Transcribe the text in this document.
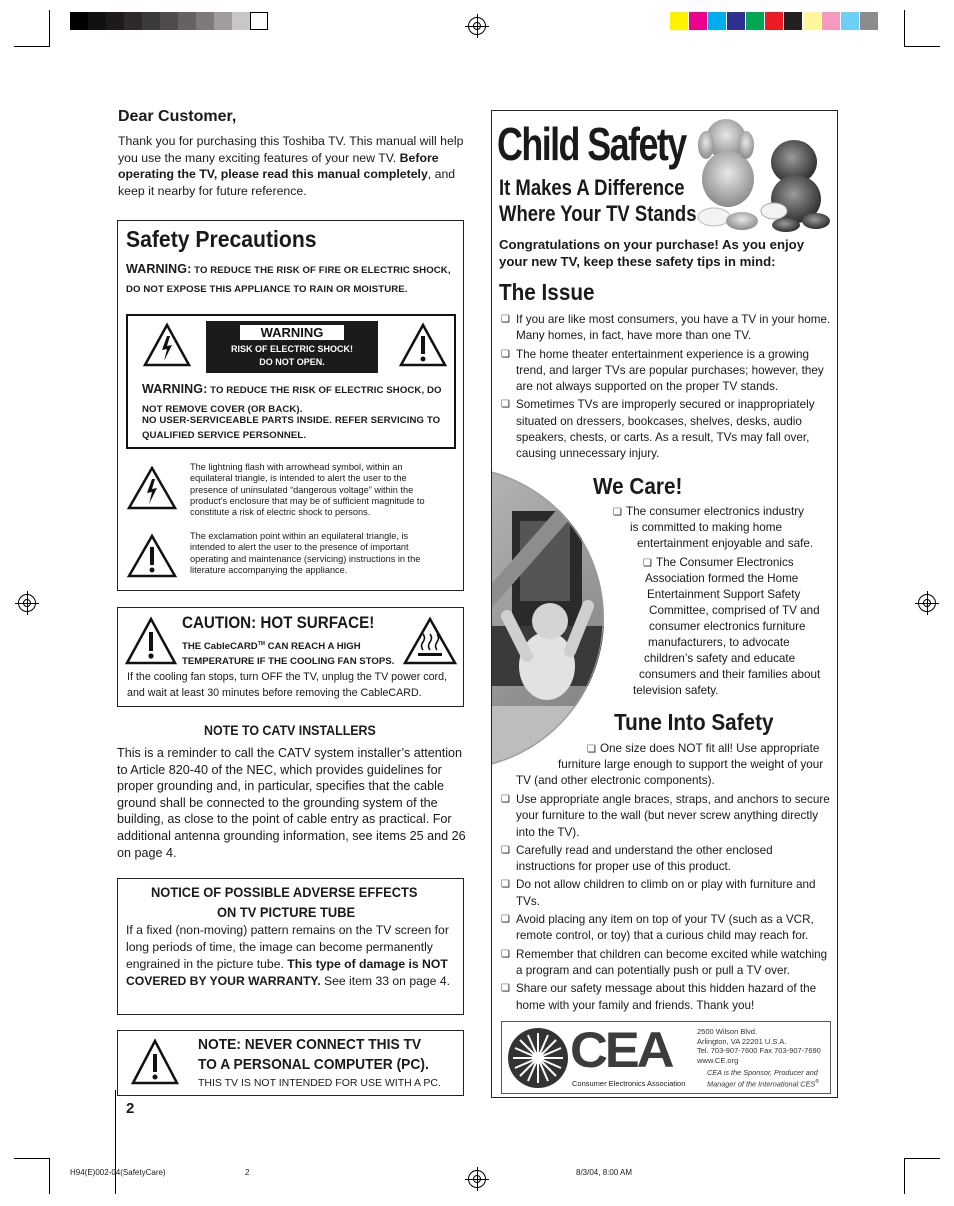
Dear Customer,
Thank you for purchasing this Toshiba TV. This manual will help you use the many exciting features of your new TV. Before operating the TV, please read this manual completely, and keep it nearby for future reference.
Safety Precautions
WARNING: TO REDUCE THE RISK OF FIRE OR ELECTRIC SHOCK, DO NOT EXPOSE THIS APPLIANCE TO RAIN OR MOISTURE.
WARNING
RISK OF ELECTRIC SHOCK!
DO NOT OPEN.
WARNING: TO REDUCE THE RISK OF ELECTRIC SHOCK, DO NOT REMOVE COVER (OR BACK).
NO USER-SERVICEABLE PARTS INSIDE. REFER SERVICING TO QUALIFIED SERVICE PERSONNEL.
The lightning flash with arrowhead symbol, within an equilateral triangle, is intended to alert the user to the presence of uninsulated “dangerous voltage” within the product’s enclosure that may be of sufficient magnitude to constitute a risk of electric shock to persons.
The exclamation point within an equilateral triangle, is intended to alert the user to the presence of important operating and maintenance (servicing) instructions in the literature accompanying the appliance.
CAUTION: HOT SURFACE!
THE CableCARD™ CAN REACH A HIGH
TEMPERATURE IF THE COOLING FAN STOPS.
If the cooling fan stops, turn OFF the TV, unplug the TV power cord, and wait at least 30 minutes before removing the CableCARD.
NOTE TO CATV INSTALLERS
This is a reminder to call the CATV system installer’s attention to Article 820-40 of the NEC, which provides guidelines for proper grounding and, in particular, specifies that the cable ground shall be connected to the grounding system of the building, as close to the point of cable entry as practical. For additional antenna grounding information, see items 25 and 26 on page 4.
NOTICE OF POSSIBLE ADVERSE EFFECTS
ON TV PICTURE TUBE
If a fixed (non-moving) pattern remains on the TV screen for long periods of time, the image can become permanently engrained in the picture tube. This type of damage is NOT COVERED BY YOUR WARRANTY. See item 33 on page 4.
NOTE: NEVER CONNECT THIS TV
TO A PERSONAL COMPUTER (PC).
THIS TV IS NOT INTENDED FOR USE WITH A PC.
2
H94(E)002-04(SafetyCare)	2	8/3/04, 8:00 AM
Child Safety
It Makes A Difference
Where Your TV Stands
Congratulations on your purchase! As you enjoy your new TV, keep these safety tips in mind:
The Issue
❏ If you are like most consumers, you have a TV in your home. Many homes, in fact, have more than one TV.
❏ The home theater entertainment experience is a growing trend, and larger TVs are popular purchases; however, they are not always supported on the proper TV stands.
❏ Sometimes TVs are improperly secured or inappropriately situated on dressers, bookcases, shelves, desks, audio speakers, chests, or carts. As a result, TVs may fall over, causing unnecessary injury.
We Care!
❏ The consumer electronics industry
is committed to making home
entertainment enjoyable and safe.
❏ The Consumer Electronics
Association formed the Home
Entertainment Support Safety
Committee, comprised of TV and
consumer electronics furniture
manufacturers, to advocate
children’s safety and educate
consumers and their families about
television safety.
Tune Into Safety
❏ One size does NOT fit all! Use appropriate
furniture large enough to support the weight of your
TV (and other electronic components).
❏ Use appropriate angle braces, straps, and anchors to secure your furniture to the wall (but never screw anything directly into the TV).
❏ Carefully read and understand the other enclosed instructions for proper use of this product.
❏ Do not allow children to climb on or play with furniture and TVs.
❏ Avoid placing any item on top of your TV (such as a VCR, remote control, or toy) that a curious child may reach for.
❏ Remember that children can become excited while watching a program and can potentially push or pull a TV over.
❏ Share our safety message about this hidden hazard of the home with your family and friends. Thank you!
CEA
Consumer Electronics Association
2500 Wilson Blvd.
Arlington, VA 22201 U.S.A.
Tel. 703-907-7600 Fax 703-907-7690
www.CE.org
CEA is the Sponsor, Producer and
Manager of the International CES®
